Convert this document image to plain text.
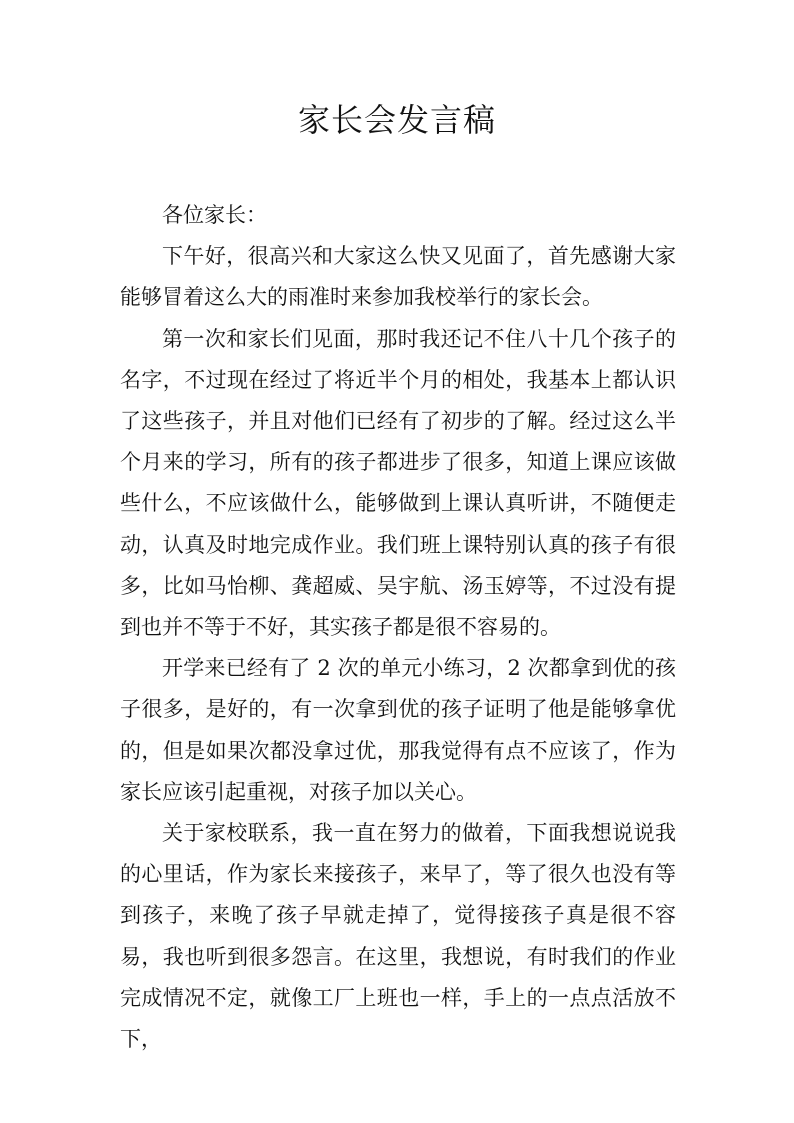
家长会发言稿

各位家长：

下午好，很高兴和大家这么快又见面了，首先感谢大家能够冒着这么大的雨准时来参加我校举行的家长会。

第一次和家长们见面，那时我还记不住八十几个孩子的名字，不过现在经过了将近半个月的相处，我基本上都认识了这些孩子，并且对他们已经有了初步的了解。经过这么半个月来的学习，所有的孩子都进步了很多，知道上课应该做些什么，不应该做什么，能够做到上课认真听讲，不随便走动，认真及时地完成作业。我们班上课特别认真的孩子有很多，比如马怡柳、龚超威、吴宇航、汤玉婷等，不过没有提到也并不等于不好，其实孩子都是很不容易的。

开学来已经有了 2 次的单元小练习，2 次都拿到优的孩子很多，是好的，有一次拿到优的孩子证明了他是能够拿优的，但是如果次都没拿过优，那我觉得有点不应该了，作为家长应该引起重视，对孩子加以关心。

关于家校联系，我一直在努力的做着，下面我想说说我的心里话，作为家长来接孩子，来早了，等了很久也没有等到孩子，来晚了孩子早就走掉了，觉得接孩子真是很不容易，我也听到很多怨言。在这里，我想说，有时我们的作业完成情况不定，就像工厂上班也一样，手上的一点点活放不下，
